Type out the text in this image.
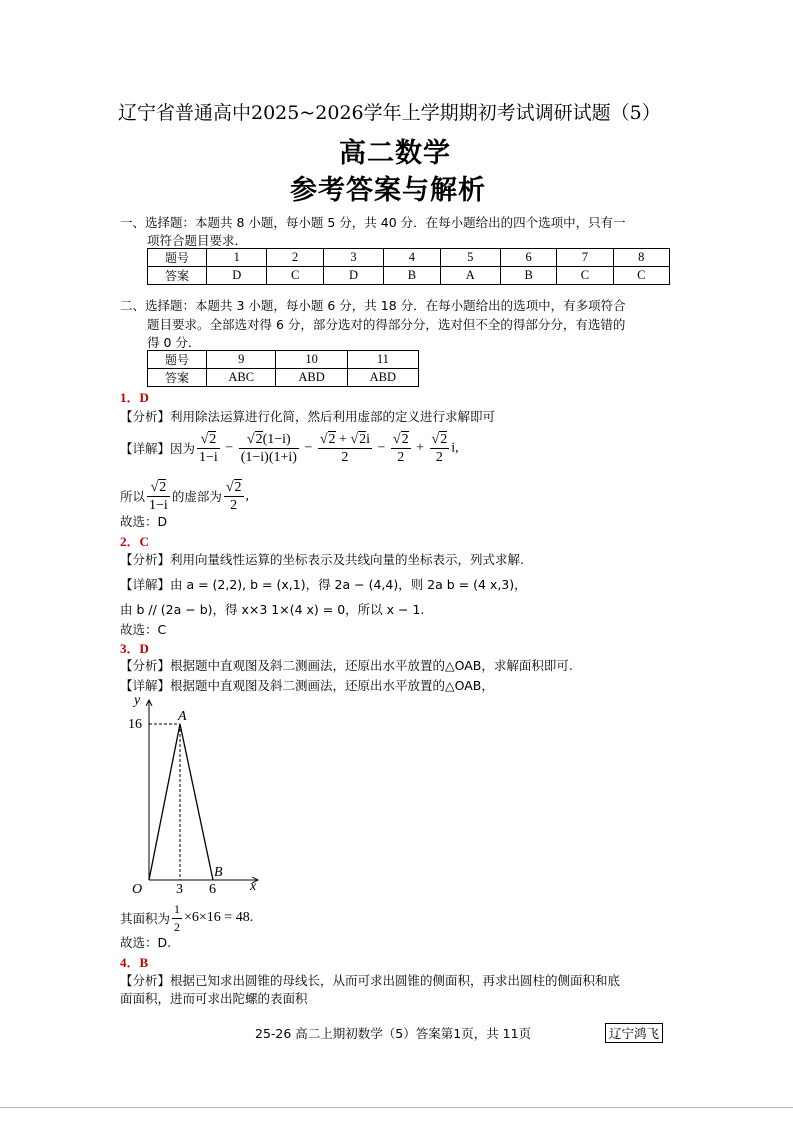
辽宁省普通高中2025~2026学年上学期期初考试调研试题（5）
高二数学
参考答案与解析
一、选择题：本题共 8 小题，每小题 5 分，共 40 分．在每小题给出的四个选项中，只有一
项符合题目要求．
题号	1	2	3	4	5	6	7	8
答案	D	C	D	B	A	B	C	C
二、选择题：本题共 3 小题，每小题 6 分，共 18 分．在每小题给出的选项中，有多项符合
题目要求。全部选对得 6 分，部分选对的得部分分，选对但不全的得部分分，有选错的
得 0 分．
题号	9	10	11
答案	ABC	ABD	ABD
1．D
【分析】利用除法运算进行化简，然后利用虚部的定义进行求解即可
【详解】因为 $\frac{√2}{1-i} - \frac{√2(1-i)}{(1-i)(1+i)} - \frac{√2 + √2i}{2} - \frac{√2}{2} + \frac{√2}{2} i$,
所以 $\frac{√2}{1-i}$ 的虚部为 $\frac{√2}{2}$ ,
故选：D
2．C
【分析】利用向量线性运算的坐标表示及共线向量的坐标表示，列式求解.
【详解】由 a = (2,2), b = (x,1)，得 2a − (4,4)，则 2a b = (4 x,3)，
由 b // (2a − b)，得 x×3 1×(4 x) = 0，所以 x − 1.
故选：C
3．D
【分析】根据题中直观图及斜二测画法，还原出水平放置的△OAB，求解面积即可.
【详解】根据题中直观图及斜二测画法，还原出水平放置的△OAB，
y
x
O
A
B
16
3 6
其面积为 $\frac{1}{2} \times 6\times 16 = 48$.
故选：D.
4．B
【分析】根据已知求出圆锥的母线长，从而可求出圆锥的侧面积，再求出圆柱的侧面积和底
面面积，进而可求出陀螺的表面积
25-26 高二上期初数学（5）答案第1页，共 11页	辽宁鸿飞
